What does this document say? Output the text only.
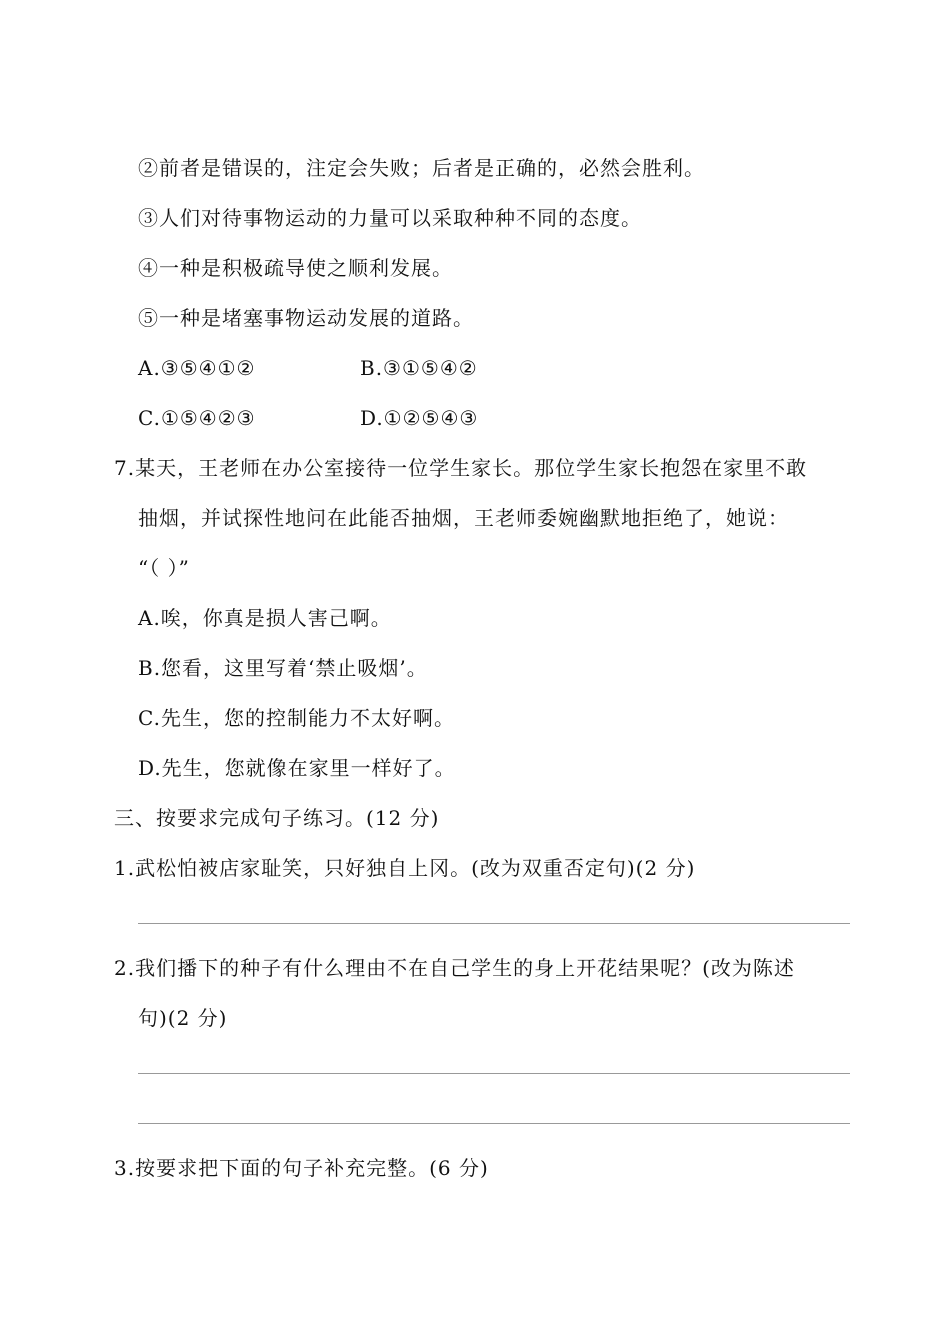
②前者是错误的，注定会失败；后者是正确的，必然会胜利。
③人们对待事物运动的力量可以采取种种不同的态度。
④一种是积极疏导使之顺利发展。
⑤一种是堵塞事物运动发展的道路。
A.③⑤④①②	B.③①⑤④②
C.①⑤④②③	D.①②⑤④③
7.某天，王老师在办公室接待一位学生家长。那位学生家长抱怨在家里不敢
抽烟，并试探性地问在此能否抽烟，王老师委婉幽默地拒绝了，她说：
“（ ）”
A.唉，你真是损人害己啊。
B.您看，这里写着‘禁止吸烟’。
C.先生，您的控制能力不太好啊。
D.先生，您就像在家里一样好了。
三、按要求完成句子练习。(12 分)
1.武松怕被店家耻笑，只好独自上冈。(改为双重否定句)(2 分)
2.我们播下的种子有什么理由不在自己学生的身上开花结果呢？(改为陈述
句)(2 分)
3.按要求把下面的句子补充完整。(6 分)
